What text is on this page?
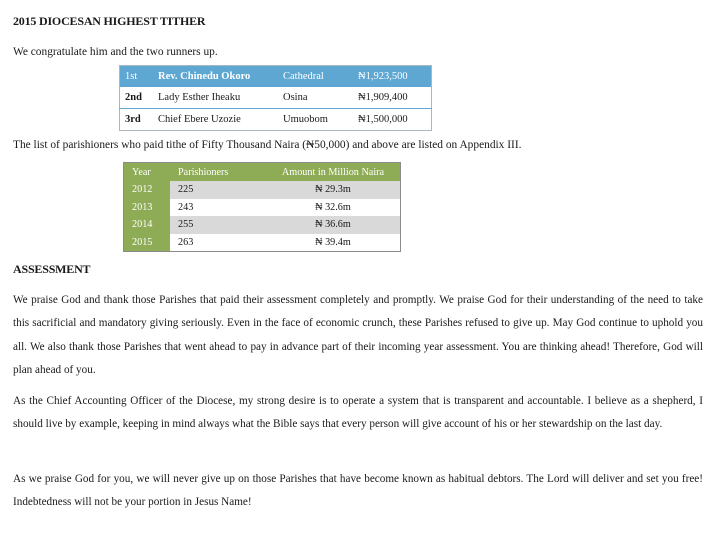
2015 DIOCESAN HIGHEST TITHER
We congratulate him and the two runners up.
1st	Rev. Chinedu Okoro	Cathedral	₦1,923,500
2nd	Lady Esther Iheaku	Osina	₦1,909,400
3rd	Chief Ebere Uzozie	Umuobom	₦1,500,000
The list of parishioners who paid tithe of Fifty Thousand Naira (₦50,000) and above are listed on Appendix III.
Year	Parishioners	Amount in Million Naira
2012	225	₦ 29.3m
2013	243	₦ 32.6m
2014	255	₦ 36.6m
2015	263	₦ 39.4m
ASSESSMENT
We praise God and thank those Parishes that paid their assessment completely and promptly. We praise God for their understanding of the need to take this sacrificial and mandatory giving seriously. Even in the face of economic crunch, these Parishes refused to give up. May God continue to uphold you all. We also thank those Parishes that went ahead to pay in advance part of their incoming year assessment. You are thinking ahead! Therefore, God will plan ahead of you.
As the Chief Accounting Officer of the Diocese, my strong desire is to operate a system that is transparent and accountable. I believe as a shepherd, I should live by example, keeping in mind always what the Bible says that every person will give account of his or her stewardship on the last day.
As we praise God for you, we will never give up on those Parishes that have become known as habitual debtors. The Lord will deliver and set you free! Indebtedness will not be your portion in Jesus Name!
